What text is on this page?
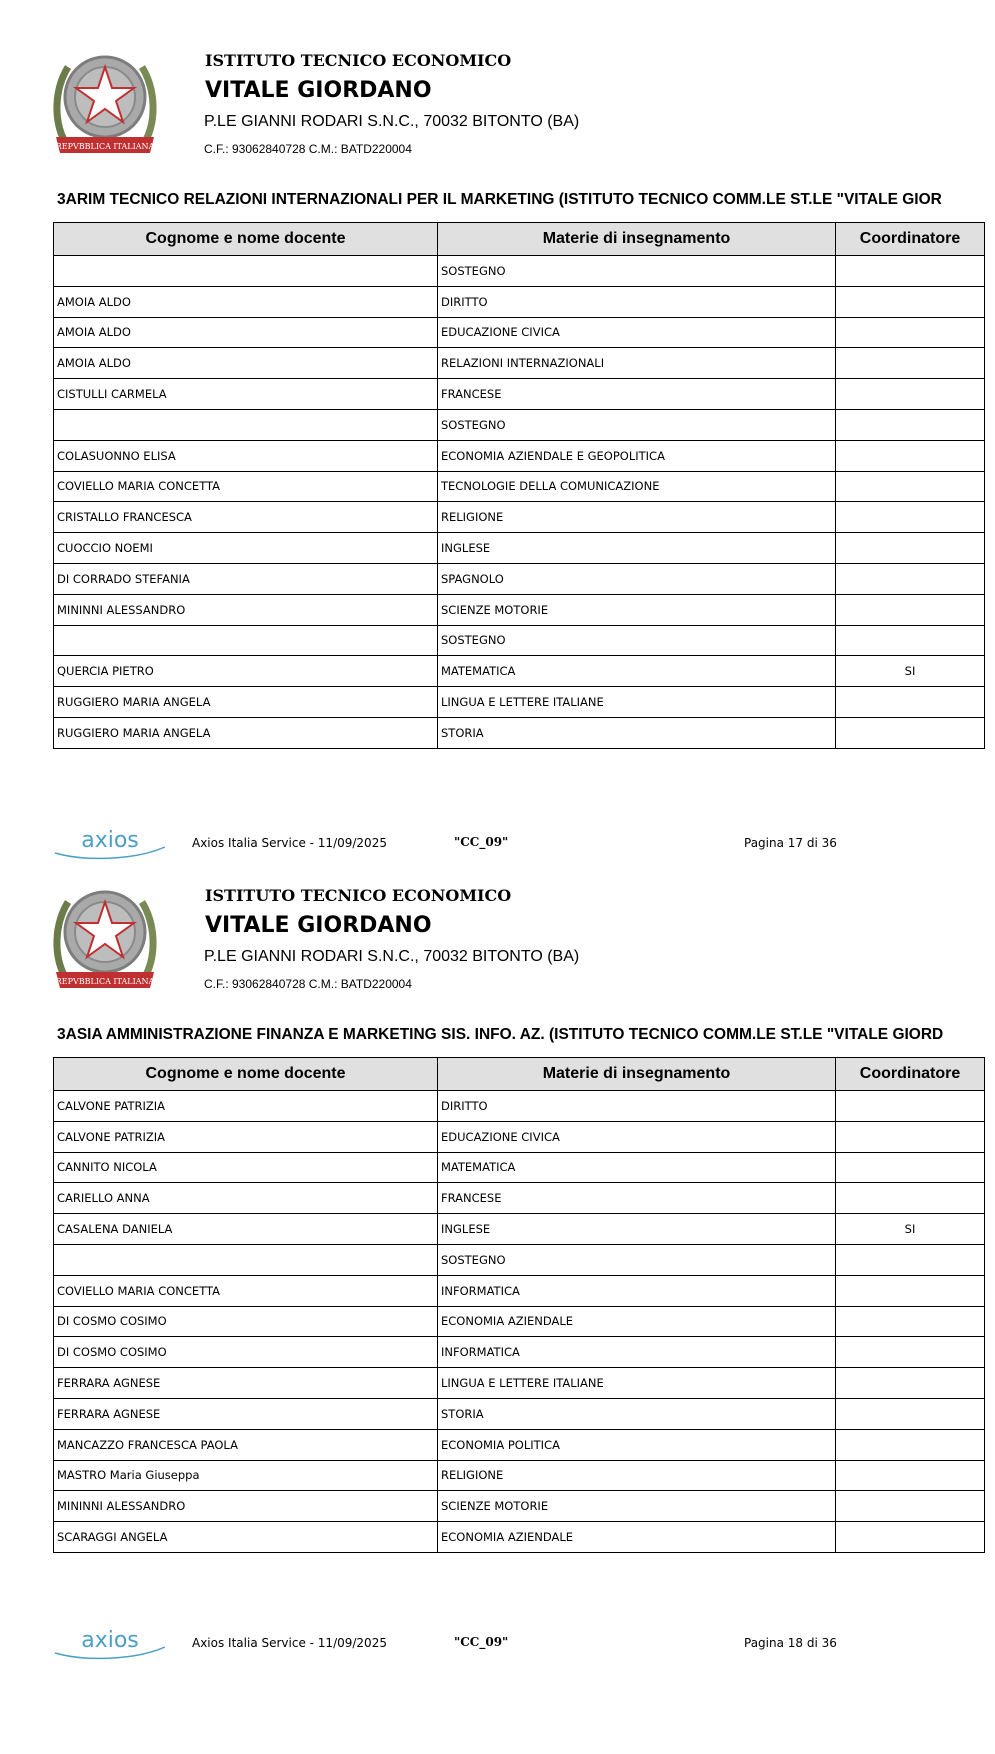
REPVBBLICA ITALIANA
ISTITUTO TECNICO ECONOMICO
VITALE GIORDANO
P.LE GIANNI RODARI S.N.C., 70032 BITONTO (BA)
C.F.: 93062840728 C.M.: BATD220004
3ARIM TECNICO RELAZIONI INTERNAZIONALI PER IL MARKETING (ISTITUTO TECNICO COMM.LE ST.LE "VITALE GIOR
Cognome e nome docente	Materie di insegnamento	Coordinatore
	SOSTEGNO	
AMOIA ALDO	DIRITTO	
AMOIA ALDO	EDUCAZIONE CIVICA	
AMOIA ALDO	RELAZIONI INTERNAZIONALI	
CISTULLI CARMELA	FRANCESE	
	SOSTEGNO	
COLASUONNO ELISA	ECONOMIA AZIENDALE E GEOPOLITICA	
COVIELLO MARIA CONCETTA	TECNOLOGIE DELLA COMUNICAZIONE	
CRISTALLO FRANCESCA	RELIGIONE	
CUOCCIO NOEMI	INGLESE	
DI CORRADO STEFANIA	SPAGNOLO	
MININNI ALESSANDRO	SCIENZE MOTORIE	
	SOSTEGNO	
QUERCIA PIETRO	MATEMATICA	SI
RUGGIERO MARIA ANGELA	LINGUA E LETTERE ITALIANE	
RUGGIERO MARIA ANGELA	STORIA	
axios	Axios Italia Service - 11/09/2025	"CC_09"	Pagina 17 di 36
REPVBBLICA ITALIANA
ISTITUTO TECNICO ECONOMICO
VITALE GIORDANO
P.LE GIANNI RODARI S.N.C., 70032 BITONTO (BA)
C.F.: 93062840728 C.M.: BATD220004
3ASIA AMMINISTRAZIONE FINANZA E MARKETING SIS. INFO. AZ. (ISTITUTO TECNICO COMM.LE ST.LE "VITALE GIORD
Cognome e nome docente	Materie di insegnamento	Coordinatore
CALVONE PATRIZIA	DIRITTO	
CALVONE PATRIZIA	EDUCAZIONE CIVICA	
CANNITO NICOLA	MATEMATICA	
CARIELLO ANNA	FRANCESE	
CASALENA DANIELA	INGLESE	SI
	SOSTEGNO	
COVIELLO MARIA CONCETTA	INFORMATICA	
DI COSMO COSIMO	ECONOMIA AZIENDALE	
DI COSMO COSIMO	INFORMATICA	
FERRARA AGNESE	LINGUA E LETTERE ITALIANE	
FERRARA AGNESE	STORIA	
MANCAZZO FRANCESCA PAOLA	ECONOMIA POLITICA	
MASTRO Maria Giuseppa	RELIGIONE	
MININNI ALESSANDRO	SCIENZE MOTORIE	
SCARAGGI ANGELA	ECONOMIA AZIENDALE	
axios	Axios Italia Service - 11/09/2025	"CC_09"	Pagina 18 di 36
